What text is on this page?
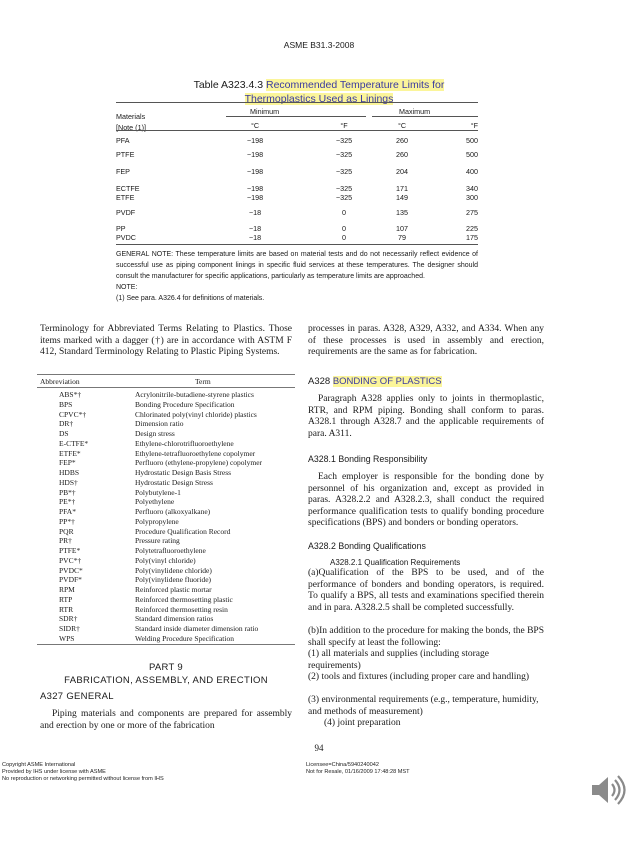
ASME B31.3-2008
Table A323.4.3 Recommended Temperature Limits for
Thermoplastics Used as Linings
Materials
[Note (1)]
Minimum	Maximum
°C	°F	°C	°F
PFA	−198	−325	260	500
PTFE	−198	−325	260	500
FEP	−198	−325	204	400
ECTFE	−198	−325	171	340
ETFE	−198	−325	149	300
PVDF	−18	0	135	275
PP	−18	0	107	225
PVDC	−18	0	79	175

GENERAL NOTE: These temperature limits are based on material tests and do not necessarily reflect evidence of successful use as piping component linings in specific fluid services at these temperatures. The designer should consult the manufacturer for specific applications, particularly as temperature limits are approached.

NOTE:

(1) See para. A326.4 for definitions of materials.

Terminology for Abbreviated Terms Relating to Plastics. Those items marked with a dagger (†) are in accordance with ASTM F 412, Standard Terminology Relating to Plastic Piping Systems.

Abbreviation	Term
ABS*†	Acrylonitrile-butadiene-styrene plastics
BPS	Bonding Procedure Specification
CPVC*†	Chlorinated poly(vinyl chloride) plastics
DR†	Dimension ratio
DS	Design stress
E-CTFE*	Ethylene-chlorotrifluoroethylene
ETFE*	Ethylene-tetrafluoroethylene copolymer
FEP*	Perfluoro (ethylene-propylene) copolymer
HDBS	Hydrostatic Design Basis Stress
HDS†	Hydrostatic Design Stress
PB*†	Polybutylene-1
PE*†	Polyethylene
PFA*	Perfluoro (alkoxyalkane)
PP*†	Polypropylene
PQR	Procedure Qualification Record
PR†	Pressure rating
PTFE*	Polytetrafluoroethylene
PVC*†	Poly(vinyl chloride)
PVDC*	Poly(vinylidene chloride)
PVDF*	Poly(vinylidene fluoride)
RPM	Reinforced plastic mortar
RTP	Reinforced thermosetting plastic
RTR	Reinforced thermosetting resin
SDR†	Standard dimension ratios
SIDR†	Standard inside diameter dimension ratio
WPS	Welding Procedure Specification
PART 9
FABRICATION, ASSEMBLY, AND ERECTION
A327 GENERAL

Piping materials and components are prepared for assembly and erection by one or more of the fabrication

processes in paras. A328, A329, A332, and A334. When any of these processes is used in assembly and erection, requirements are the same as for fabrication.

A328 BONDING OF PLASTICS

Paragraph A328 applies only to joints in thermoplastic, RTR, and RPM piping. Bonding shall conform to paras. A328.1 through A328.7 and the applicable requirements of para. A311.

A328.1 Bonding Responsibility

Each employer is responsible for the bonding done by personnel of his organization and, except as provided in paras. A328.2.2 and A328.2.3, shall conduct the required performance qualification tests to qualify bonding procedure specifications (BPS) and bonders or bonding operators.

A328.2 Bonding Qualifications
A328.2.1 Qualification Requirements

(a)Qualification of the BPS to be used, and of the performance of bonders and bonding operators, is required. To qualify a BPS, all tests and examinations specified therein and in para. A328.2.5 shall be completed successfully.

(b)In addition to the procedure for making the bonds, the BPS shall specify at least the following:

(1) all materials and supplies (including storage requirements)

(2) tools and fixtures (including proper care and handling)

(3) environmental requirements (e.g., temperature, humidity, and methods of measurement)

(4) joint preparation

94
Copyright ASME International
Provided by IHS under license with ASME
No reproduction or networking permitted without license from IHS
Licensee=China/5940240042
Not for Resale, 01/16/2009 17:48:28 MST
